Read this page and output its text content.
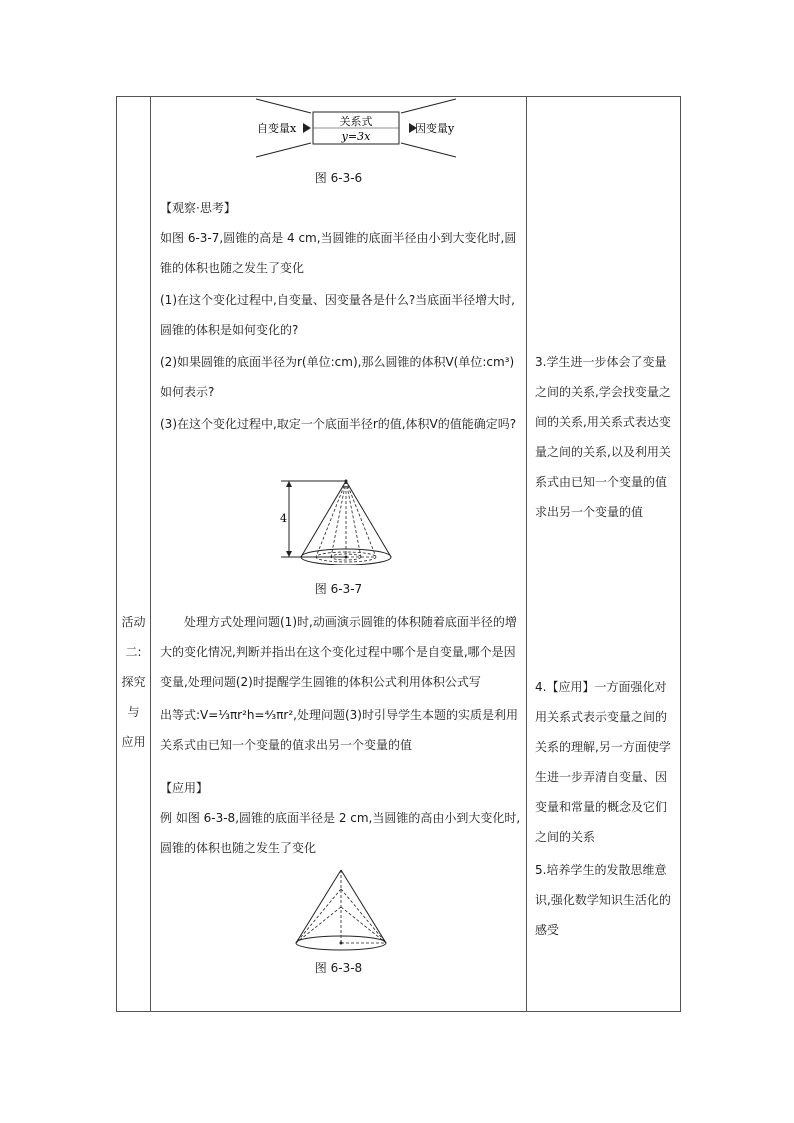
活动
二:
探究
与
应用

关系式
y=3x
自变量x	因变量y
图 6-3-6
【观察·思考】
如图 6-3-7,圆锥的高是 4 cm,当圆锥的底面半径由小到大变化时,圆锥的体积也随之发生了变化
(1)在这个变化过程中,自变量、因变量各是什么?当底面半径增大时,圆锥的体积是如何变化的?
(2)如果圆锥的底面半径为r(单位:cm),那么圆锥的体积V(单位:cm³)如何表示?
(3)在这个变化过程中,取定一个底面半径r的值,体积V的值能确定吗?
4
图 6-3-7
处理方式处理问题(1)时,动画演示圆锥的体积随着底面半径的增大的变化情况,判断并指出在这个变化过程中哪个是自变量,哪个是因变量,处理问题(2)时提醒学生圆锥的体积公式利用体积公式写
出等式:V=⅓πr²h=⁴⁄₃πr²,处理问题(3)时引导学生本题的实质是利用关系式由已知一个变量的值求出另一个变量的值
【应用】
例 如图 6-3-8,圆锥的底面半径是 2 cm,当圆锥的高由小到大变化时,圆锥的体积也随之发生了变化
图 6-3-8

3.学生进一步体会了变量之间的关系,学会找变量之间的关系,用关系式表达变量之间的关系,以及利用关系式由已知一个变量的值求出另一个变量的值
4.【应用】一方面强化对用关系式表示变量之间的关系的理解,另一方面使学生进一步弄清自变量、因变量和常量的概念及它们之间的关系
5.培养学生的发散思维意识,强化数学知识生活化的感受
